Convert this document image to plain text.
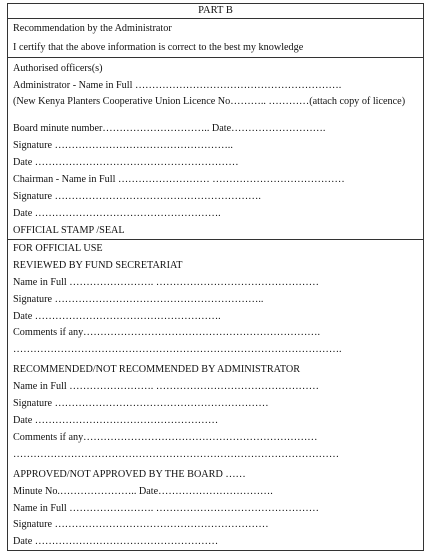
PART B
Recommendation by the Administrator
I certify that the above information is correct to the best my knowledge
Authorised officers(s)
Administrator - Name in Full …………………………………………………….
(New Kenya Planters Cooperative Union Licence No……….. …………(attach copy of licence)
Board minute number………………………….. Date……………………….
Signature ……………………………………………..
Date ……………………………………………………
Chairman - Name in Full ……………………… …………………………………
Signature …………………………………………………….
Date ……………………………………………….
OFFICIAL STAMP /SEAL
FOR OFFICIAL USE
REVIEWED BY FUND SECRETARIAT
Name in Full ……………………. …………………………………………
Signature ……………………………………………………..
Date ……………………………………………….
Comments if any…………………………………………………………….
…………………………………………………………………………………….
RECOMMENDED/NOT RECOMMENDED BY ADMINISTRATOR
Name in Full ……………………. …………………………………………
Signature ………………………………………………………
Date ………………………………………………
Comments if any……………………………………………………………
……………………………………………………………………………………
APPROVED/NOT APPROVED BY THE BOARD ……
Minute No.………………….. Date…………………………….
Name in Full ……………………. …………………………………………
Signature ………………………………………………………
Date ………………………………………………
